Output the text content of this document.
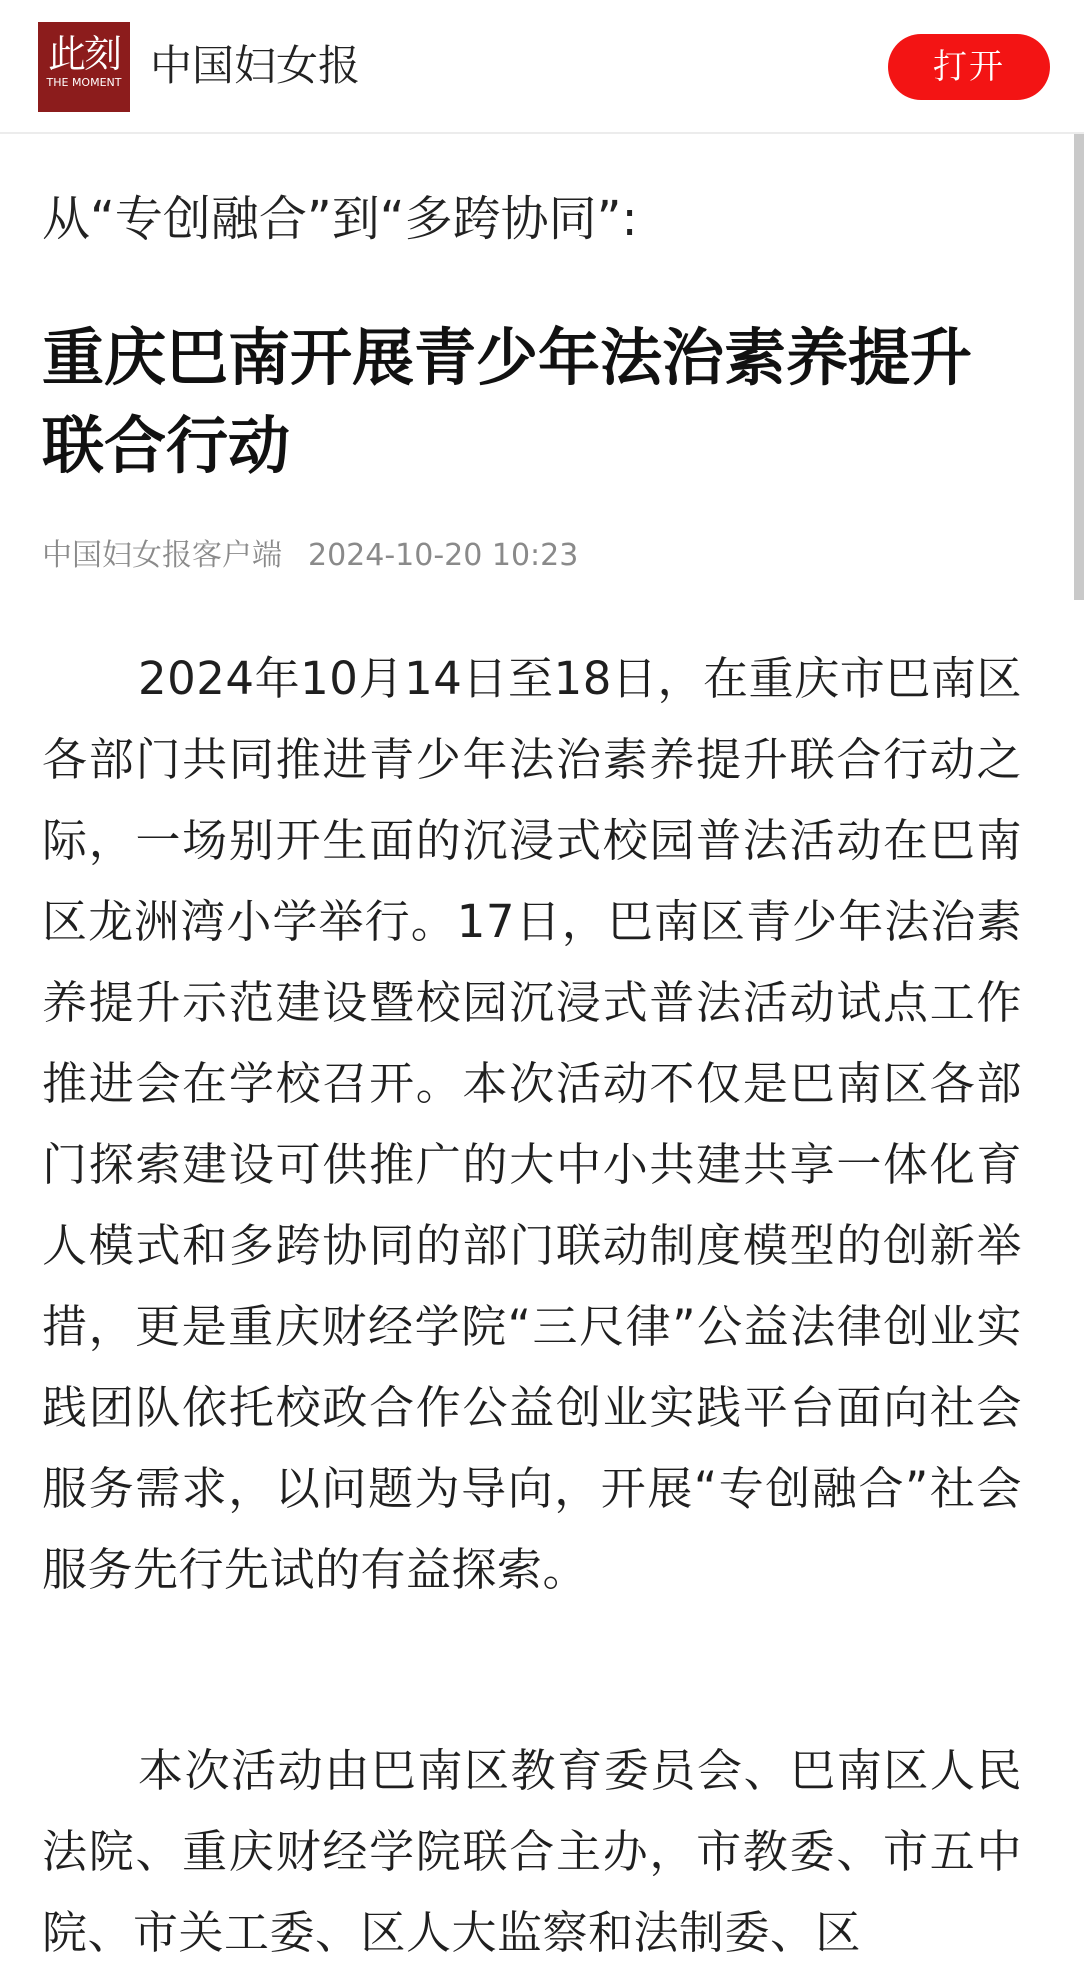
此刻
THE MOMENT 中国妇女报	打开
从“专创融合”到“多跨协同”:
重庆巴南开展青少年法治素养提升联合行动
中国妇女报客户端 2024-10-20 10:23

2024年10月14日至18日，在重庆市巴南区各部门共同推进青少年法治素养提升联合行动之际，一场别开生面的沉浸式校园普法活动在巴南区龙洲湾小学举行。17日，巴南区青少年法治素养提升示范建设暨校园沉浸式普法活动试点工作推进会在学校召开。本次活动不仅是巴南区各部门探索建设可供推广的大中小共建共享一体化育人模式和多跨协同的部门联动制度模型的创新举措，更是重庆财经学院“三尺律”公益法律创业实践团队依托校政合作公益创业实践平台面向社会服务需求，以问题为导向，开展“专创融合”社会服务先行先试的有益探索。

本次活动由巴南区教育委员会、巴南区人民法院、重庆财经学院联合主办，市教委、市五中院、市关工委、区人大监察和法制委、区
